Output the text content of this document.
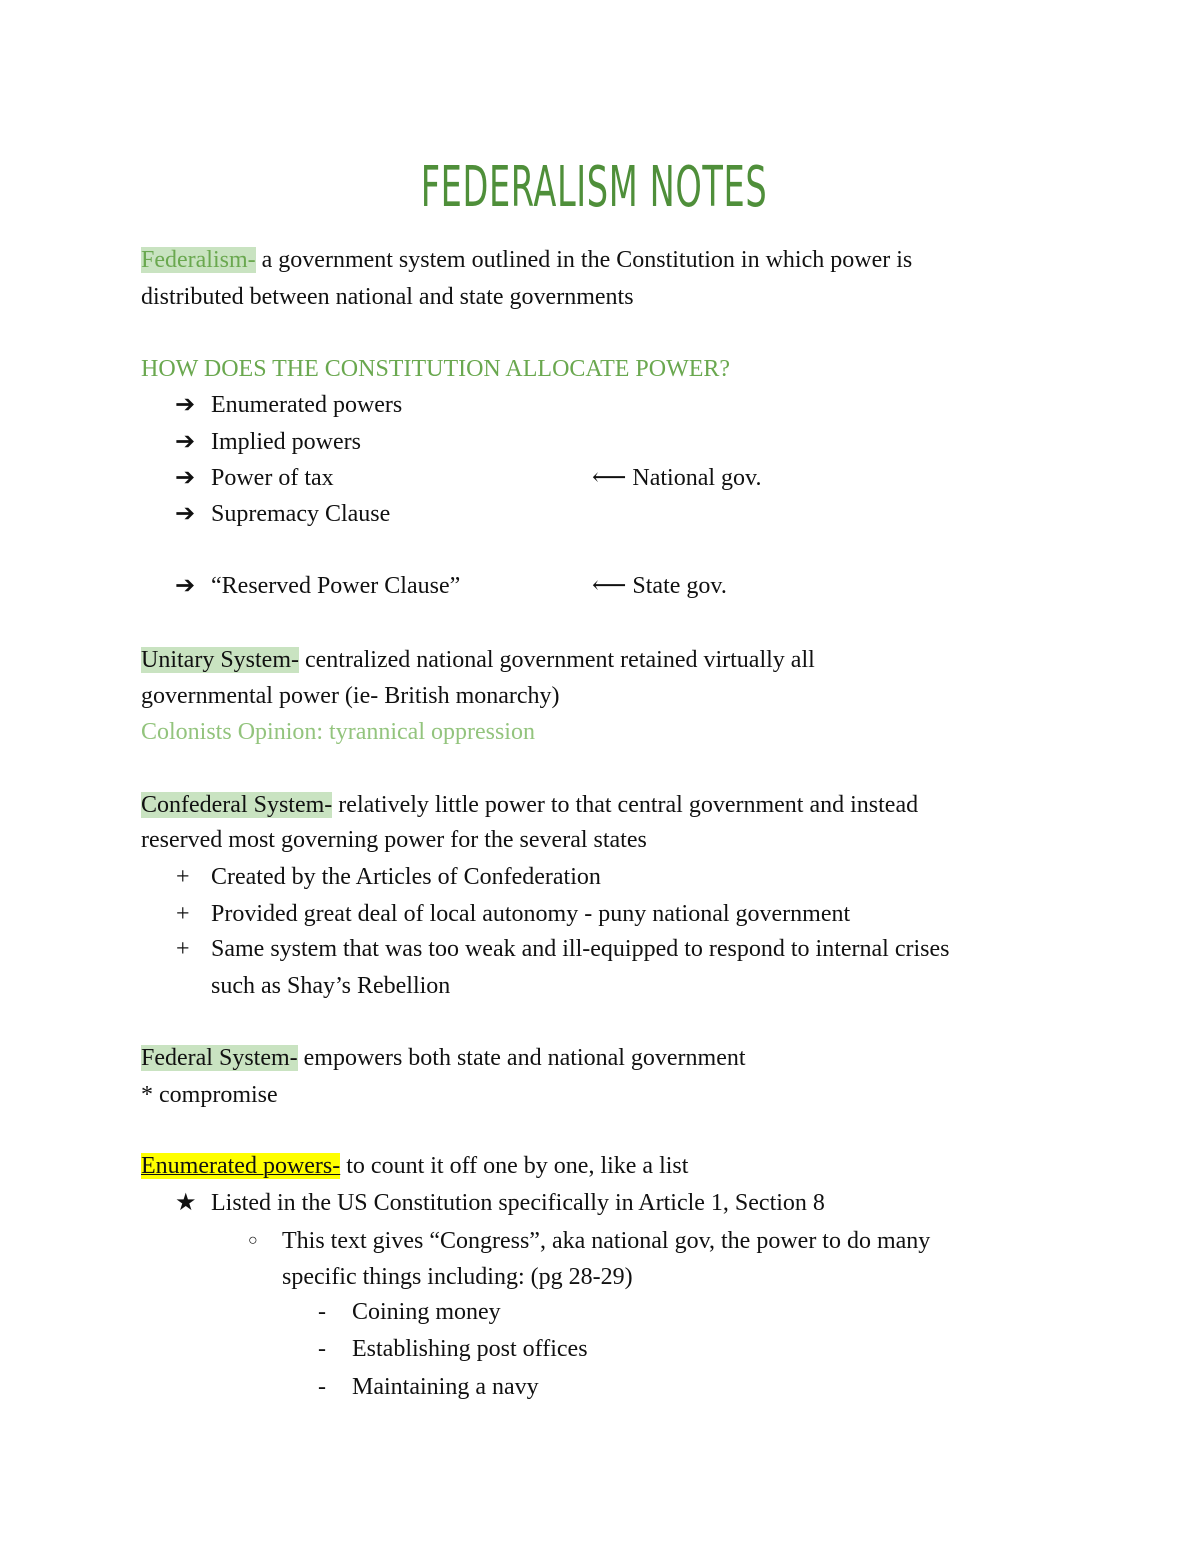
FEDERALISM NOTES
Federalism- a government system outlined in the Constitution in which power is
distributed between national and state governments
HOW DOES THE CONSTITUTION ALLOCATE POWER?
➔ Enumerated powers
➔ Implied powers
➔ Power of tax	⟵ National gov.
➔ Supremacy Clause
➔ “Reserved Power Clause”	⟵ State gov.
Unitary System- centralized national government retained virtually all
governmental power (ie- British monarchy)
Colonists Opinion: tyrannical oppression
Confederal System- relatively little power to that central government and instead
reserved most governing power for the several states
+ Created by the Articles of Confederation
+ Provided great deal of local autonomy - puny national government
+ Same system that was too weak and ill-equipped to respond to internal crises
such as Shay’s Rebellion
Federal System- empowers both state and national government
* compromise
Enumerated powers- to count it off one by one, like a list
★ Listed in the US Constitution specifically in Article 1, Section 8
○	This text gives “Congress”, aka national gov, the power to do many
specific things including: (pg 28-29)
-	Coining money
-	Establishing post offices
-	Maintaining a navy
